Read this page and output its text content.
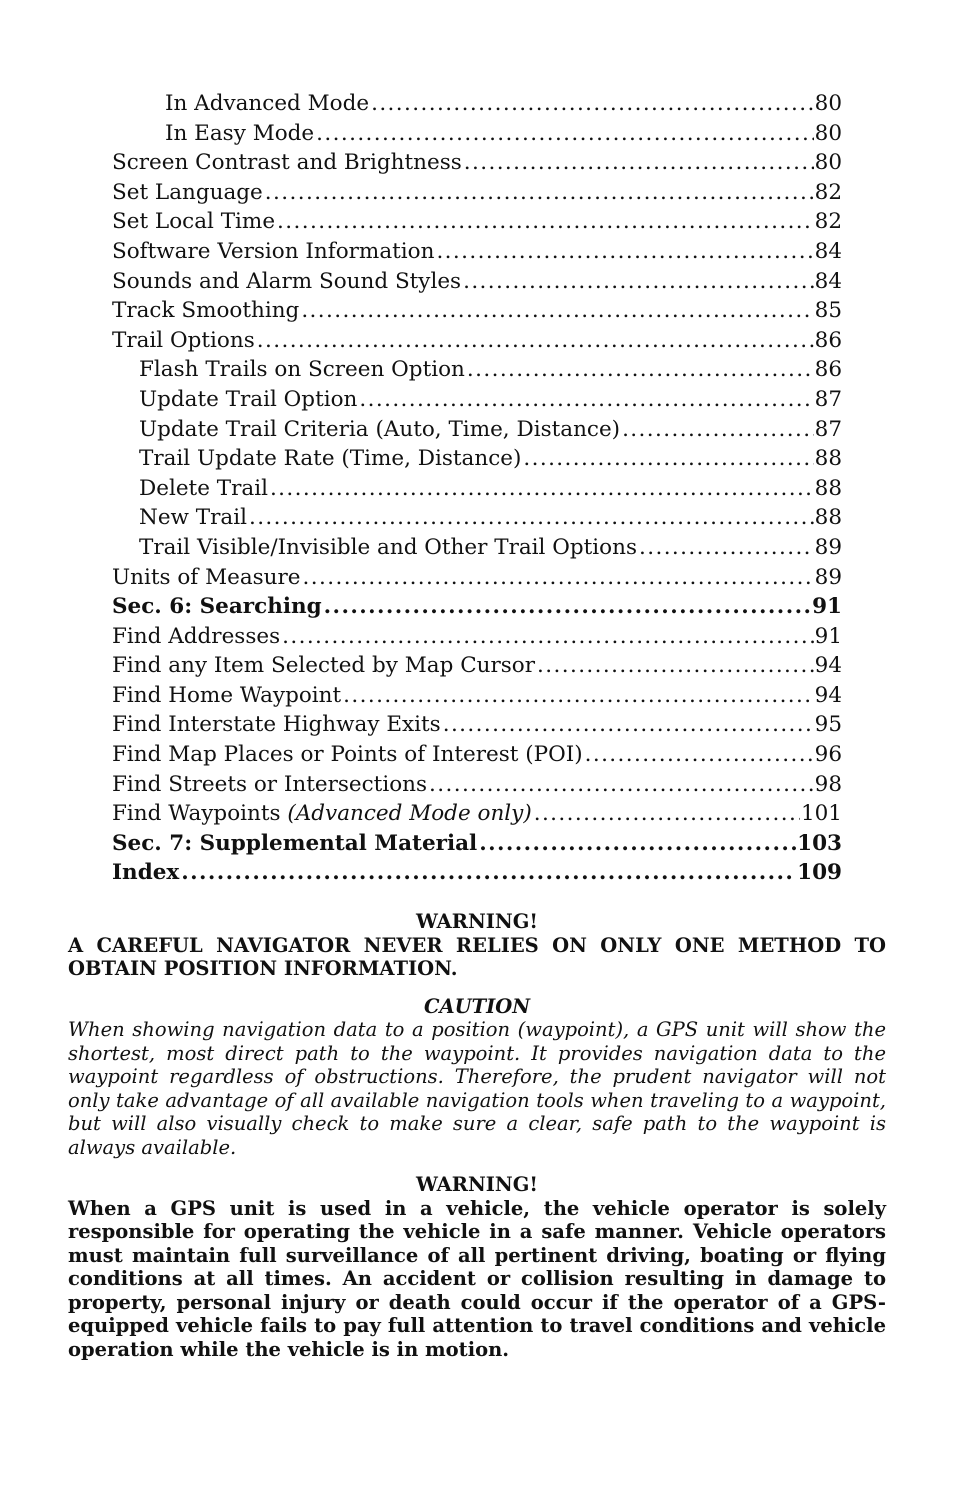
In Advanced Mode .....	80
In Easy Mode .....	80
Screen Contrast and Brightness .....	80
Set Language .....	82
Set Local Time .....	82
Software Version Information .....	84
Sounds and Alarm Sound Styles .....	84
Track Smoothing .....	85
Trail Options .....	86
Flash Trails on Screen Option .....	86
Update Trail Option .....	87
Update Trail Criteria (Auto, Time, Distance) .....	87
Trail Update Rate (Time, Distance) .....	88
Delete Trail .....	88
New Trail .....	88
Trail Visible/Invisible and Other Trail Options .....	89
Units of Measure .....	89
Sec. 6: Searching .....	91
Find Addresses .....	91
Find any Item Selected by Map Cursor .....	94
Find Home Waypoint .....	94
Find Interstate Highway Exits .....	95
Find Map Places or Points of Interest (POI) .....	96
Find Streets or Intersections .....	98
Find Waypoints (Advanced Mode only) .....	101
Sec. 7: Supplemental Material .....	103
Index .....	109
WARNING!
A CAREFUL NAVIGATOR NEVER RELIES ON ONLY ONE METHOD TO OBTAIN POSITION INFORMATION.
CAUTION
When showing navigation data to a position (waypoint), a GPS unit will show the shortest, most direct path to the waypoint. It provides navigation data to the waypoint regardless of obstructions. Therefore, the prudent navigator will not only take advantage of all available navigation tools when traveling to a waypoint, but will also visually check to make sure a clear, safe path to the waypoint is always available.
WARNING!
When a GPS unit is used in a vehicle, the vehicle operator is solely responsible for operating the vehicle in a safe manner. Vehicle operators must maintain full surveillance of all pertinent driving, boating or flying conditions at all times. An accident or collision resulting in damage to property, personal injury or death could occur if the operator of a GPS-equipped vehicle fails to pay full attention to travel conditions and vehicle operation while the vehicle is in motion.
